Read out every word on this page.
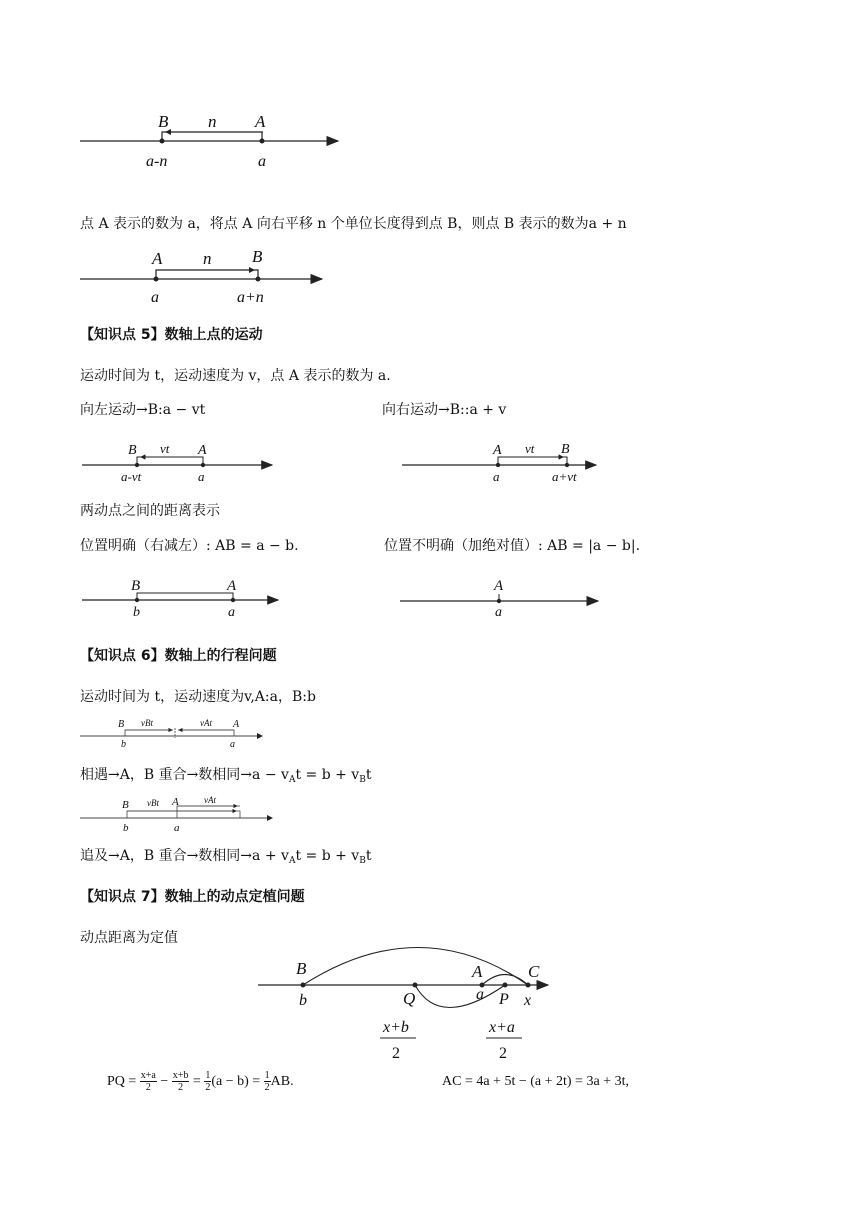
B n A
a-n	a
A n B
a	a+n
B vt A
a-vt	a
A vt B
a	a+vt
B	A
b	a
A
a
B vBt	vAt A
b	a
B vBt A	vAt
b	a
B	A	C
Q	P
b	a	x
x+b
2
x+a
2
点 A 表示的数为 a，将点 A 向右平移 n 个单位长度得到点 B，则点 B 表示的数为a + n
【知识点 5】数轴上点的运动
运动时间为 t，运动速度为 v，点 A 表示的数为 a.
向左运动→B:a − vt	向右运动→B::a + v
两动点之间的距离表示
位置明确（右减左）: AB = a − b.	位置不明确（加绝对值）: AB = |a − b|.
【知识点 6】数轴上的行程问题
运动时间为 t，运动速度为v,A:a，B:b
相遇→A，B 重合→数相同$\to a - v_At = b + v_Bt$
追及→A，B 重合→数相同$\to a + v_At = b + v_Bt$
【知识点 7】数轴上的动点定植问题
动点距离为定值
PQ = $\frac{x+a}{2} - \frac{x+b}{2} = \frac{1}{2} (a - b) = \frac{1}{2}$ AB.	AC = 4a + 5t − (a + 2t) = 3a + 3t,
